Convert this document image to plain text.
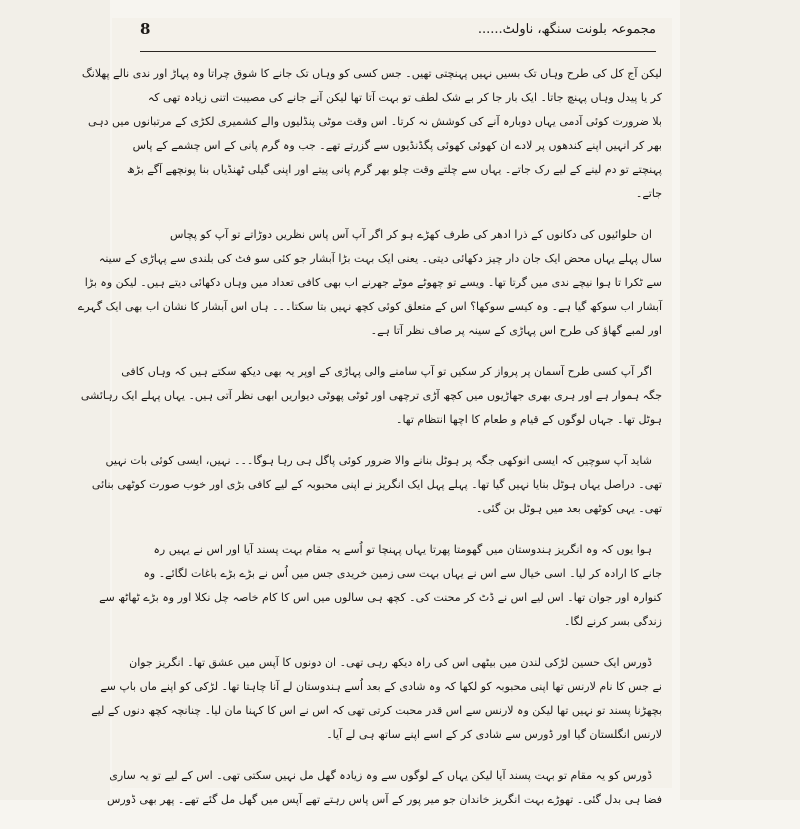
مجموعہ بلونت سنگھ، ناولٹ......
8

لیکن آج کل کی طرح وہاں تک بسیں نہیں پہنچتی تھیں۔ جس کسی کو وہاں تک جانے کا شوق چراتا وہ پہاڑ اور ندی نالے پھلانگ
کر یا پیدل وہاں پہنچ جاتا۔ ایک بار جا کر بے شک لطف تو بہت آتا تھا لیکن آنے جانے کی مصیبت اتنی زیادہ تھی کہ
بلا ضرورت کوئی آدمی یہاں دوبارہ آنے کی کوشش نہ کرتا۔ اس وقت موٹی پنڈلیوں والے کشمیری لکڑی کے مرتبانوں میں دہی
بھر کر انہیں اپنے کندھوں پر لادے ان کھوئی کھوئی پگڈنڈیوں سے گزرتے تھے۔ جب وہ گرم پانی کے اس چشمے کے پاس
پہنچتے تو دم لینے کے لیے رک جاتے۔ یہاں سے چلتے وقت چلو بھر گرم پانی پیتے اور اپنی گیلی ٹھنڈیاں بنا پونچھے آگے بڑھ
جاتے۔

ان حلوائیوں کی دکانوں کے ذرا ادھر کی طرف کھڑے ہو کر اگر آپ آس پاس نظریں دوڑاتے تو آپ کو پچاس
سال پہلے یہاں محض ایک جان دار چیز دکھائی دیتی۔ یعنی ایک بہت بڑا آبشار جو کئی سو فٹ کی بلندی سے پہاڑی کے سینہ
سے ٹکرا تا ہوا نیچے ندی میں گرتا تھا۔ ویسے تو چھوٹے موٹے جھرنے اب بھی کافی تعداد میں وہاں دکھائی دیتے ہیں۔ لیکن وہ بڑا
آبشار اب سوکھ گیا ہے۔ وہ کیسے سوکھا؟ اس کے متعلق کوئی کچھ نہیں بتا سکتا۔۔۔ ہاں اس آبشار کا نشان اب بھی ایک گہرے
اور لمبے گھاؤ کی طرح اس پہاڑی کے سینہ پر صاف نظر آتا ہے۔

اگر آپ کسی طرح آسمان پر پرواز کر سکیں تو آپ سامنے والی پہاڑی کے اوپر یہ بھی دیکھ سکتے ہیں کہ وہاں کافی
جگہ ہموار ہے اور ہری بھری جھاڑیوں میں کچھ آڑی ترچھی اور ٹوٹی پھوٹی دیواریں ابھی نظر آتی ہیں۔ یہاں پہلے ایک رہائشی
ہوٹل تھا۔ جہاں لوگوں کے قیام و طعام کا اچھا انتظام تھا۔

شاید آپ سوچیں کہ ایسی انوکھی جگہ پر ہوٹل بنانے والا ضرور کوئی پاگل ہی رہا ہوگا۔۔۔ نہیں، ایسی کوئی بات نہیں
تھی۔ دراصل یہاں ہوٹل بنایا نہیں گیا تھا۔ پہلے پہل ایک انگریز نے اپنی محبوبہ کے لیے کافی بڑی اور خوب صورت کوٹھی بنائی
تھی۔ یہی کوٹھی بعد میں ہوٹل بن گئی۔

ہوا یوں کہ وہ انگریز ہندوستان میں گھومتا پھرتا یہاں پہنچا تو اُسے یہ مقام بہت پسند آیا اور اس نے یہیں رہ
جانے کا ارادہ کر لیا۔ اسی خیال سے اس نے یہاں بہت سی زمین خریدی جس میں اُس نے بڑے بڑے باغات لگائے۔ وہ
کنوارہ اور جوان تھا۔ اس لیے اس نے ڈٹ کر محنت کی۔ کچھ ہی سالوں میں اس کا کام خاصہ چل نکلا اور وہ بڑے ٹھاٹھ سے
زندگی بسر کرنے لگا۔

ڈورس ایک حسین لڑکی لندن میں بیٹھی اس کی راہ دیکھ رہی تھی۔ ان دونوں کا آپس میں عشق تھا۔ انگریز جوان
نے جس کا نام لارنس تھا اپنی محبوبہ کو لکھا کہ وہ شادی کے بعد اُسے ہندوستان لے آنا چاہتا تھا۔ لڑکی کو اپنے ماں باپ سے
بچھڑنا پسند تو نہیں تھا لیکن وہ لارنس سے اس قدر محبت کرتی تھی کہ اس نے اس کا کہنا مان لیا۔ چنانچہ کچھ دنوں کے لیے
لارنس انگلستان گیا اور ڈورس سے شادی کر کے اسے اپنے ساتھ ہی لے آیا۔

ڈورس کو یہ مقام تو بہت پسند آیا لیکن یہاں کے لوگوں سے وہ زیادہ گھل مل نہیں سکتی تھی۔ اس کے لیے تو یہ ساری
فضا ہی بدل گئی۔ تھوڑے بہت انگریز خاندان جو میر پور کے آس پاس رہتے تھے آپس میں گھل مل گئے تھے۔ پھر بھی ڈورس
